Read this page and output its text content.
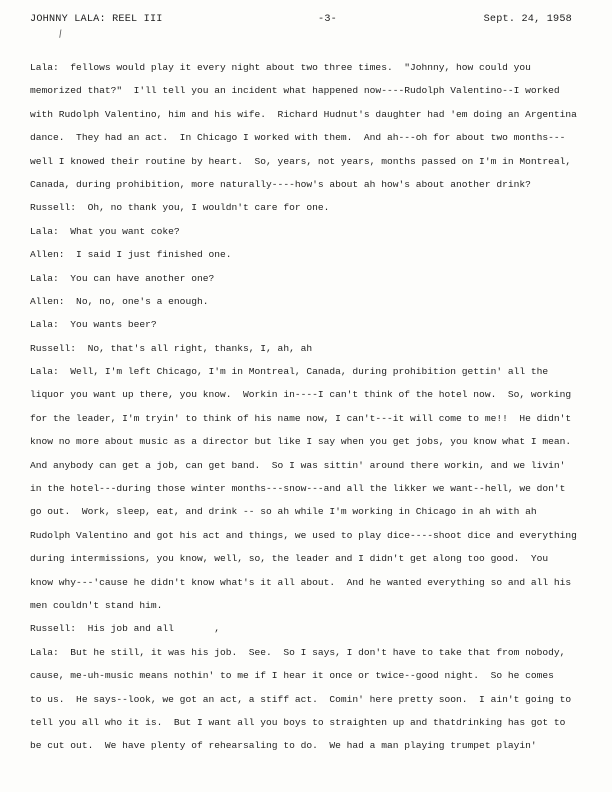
JOHNNY LALA: REEL III	-3-	Sept. 24, 1958
/
Lala:  fellows would play it every night about two three times.  "Johnny, how could you
memorized that?"  I'll tell you an incident what happened now----Rudolph Valentino--I worked
with Rudolph Valentino, him and his wife.  Richard Hudnut's daughter had 'em doing an Argentina
dance.  They had an act.  In Chicago I worked with them.  And ah---oh for about two months---
well I knowed their routine by heart.  So, years, not years, months passed on I'm in Montreal,
Canada, during prohibition, more naturally----how's about ah how's about another drink?
Russell:  Oh, no thank you, I wouldn't care for one.
Lala:  What you want coke?
Allen:  I said I just finished one.
Lala:  You can have another one?
Allen:  No, no, one's a enough.
Lala:  You wants beer?
Russell:  No, that's all right, thanks, I, ah, ah
Lala:  Well, I'm left Chicago, I'm in Montreal, Canada, during prohibition gettin' all the
liquor you want up there, you know.  Workin in----I can't think of the hotel now.  So, working
for the leader, I'm tryin' to think of his name now, I can't---it will come to me!!  He didn't
know no more about music as a director but like I say when you get jobs, you know what I mean.
And anybody can get a job, can get band.  So I was sittin' around there workin, and we livin'
in the hotel---during those winter months---snow---and all the likker we want--hell, we don't
go out.  Work, sleep, eat, and drink -- so ah while I'm working in Chicago in ah with ah
Rudolph Valentino and got his act and things, we used to play dice----shoot dice and everything
during intermissions, you know, well, so, the leader and I didn't get along too good.  You
know why---'cause he didn't know what's it all about.  And he wanted everything so and all his
men couldn't stand him.
Russell:  His job and all       ,
Lala:  But he still, it was his job.  See.  So I says, I don't have to take that from nobody,
cause, me-uh-music means nothin' to me if I hear it once or twice--good night.  So he comes
to us.  He says--look, we got an act, a stiff act.  Comin' here pretty soon.  I ain't going to
tell you all who it is.  But I want all you boys to straighten up and thatdrinking has got to
be cut out.  We have plenty of rehearsaling to do.  We had a man playing trumpet playin'
